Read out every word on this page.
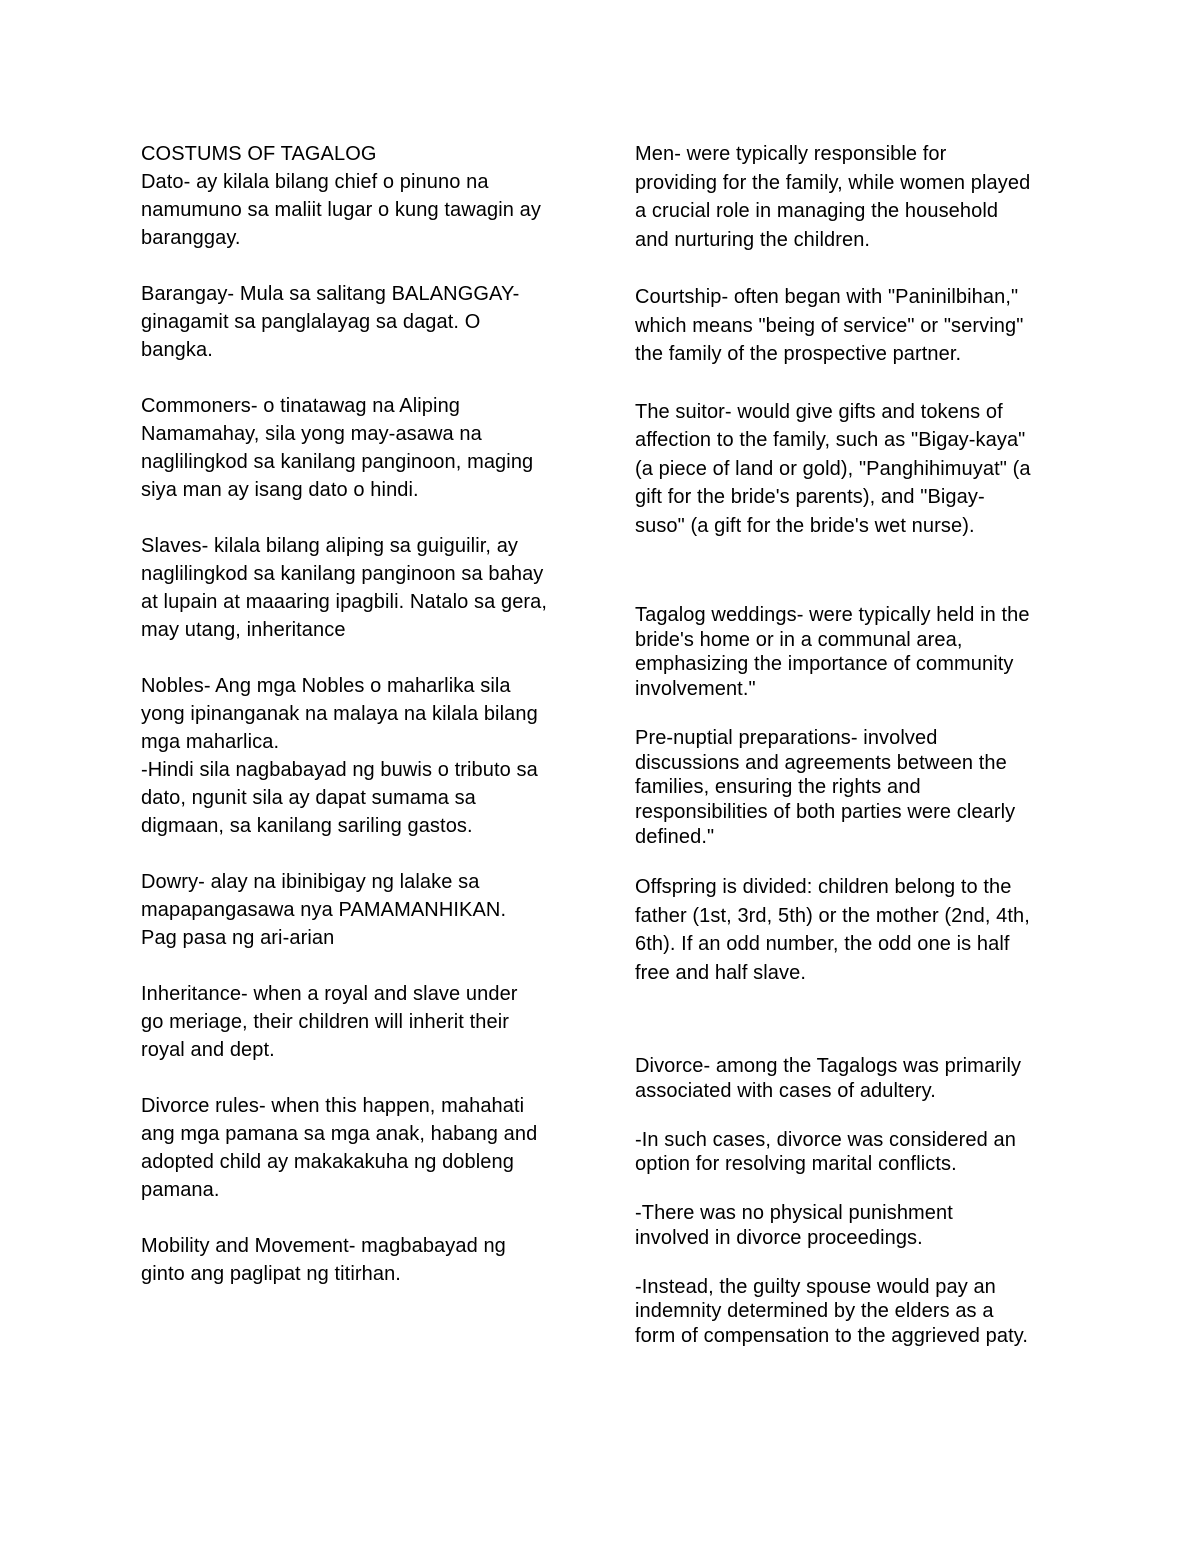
COSTUMS OF TAGALOG

Dato- ay kilala bilang chief o pinuno na
namumuno sa maliit lugar o kung tawagin ay
baranggay.

Barangay- Mula sa salitang BALANGGAY-
ginagamit sa panglalayag sa dagat. O
bangka.

Commoners- o tinatawag na Aliping
Namamahay, sila yong may-asawa na
naglilingkod sa kanilang panginoon, maging
siya man ay isang dato o hindi.

Slaves- kilala bilang aliping sa guiguilir, ay
naglilingkod sa kanilang panginoon sa bahay
at lupain at maaaring ipagbili. Natalo sa gera,
may utang, inheritance

Nobles- Ang mga Nobles o maharlika sila
yong ipinanganak na malaya na kilala bilang
mga maharlica.
-Hindi sila nagbabayad ng buwis o tributo sa
dato, ngunit sila ay dapat sumama sa
digmaan, sa kanilang sariling gastos.

Dowry- alay na ibinibigay ng lalake sa
mapapangasawa nya PAMAMANHIKAN.
Pag pasa ng ari-arian

Inheritance- when a royal and slave under
go meriage, their children will inherit their
royal and dept.

Divorce rules- when this happen, mahahati
ang mga pamana sa mga anak, habang and
adopted child ay makakakuha ng dobleng
pamana.

Mobility and Movement- magbabayad ng
ginto ang paglipat ng titirhan.

Men- were typically responsible for
providing for the family, while women played
a crucial role in managing the household
and nurturing the children.

Courtship- often began with "Paninilbihan,"
which means "being of service" or "serving"
the family of the prospective partner.

The suitor- would give gifts and tokens of
affection to the family, such as "Bigay-kaya"
(a piece of land or gold), "Panghihimuyat" (a
gift for the bride's parents), and "Bigay-
suso" (a gift for the bride's wet nurse).

Tagalog weddings- were typically held in the
bride's home or in a communal area,
emphasizing the importance of community
involvement."

Pre-nuptial preparations- involved
discussions and agreements between the
families, ensuring the rights and
responsibilities of both parties were clearly
defined."

Offspring is divided: children belong to the
father (1st, 3rd, 5th) or the mother (2nd, 4th,
6th). If an odd number, the odd one is half
free and half slave.

Divorce- among the Tagalogs was primarily
associated with cases of adultery.

-In such cases, divorce was considered an
option for resolving marital conflicts.

-There was no physical punishment
involved in divorce proceedings.

-Instead, the guilty spouse would pay an
indemnity determined by the elders as a
form of compensation to the aggrieved paty.
